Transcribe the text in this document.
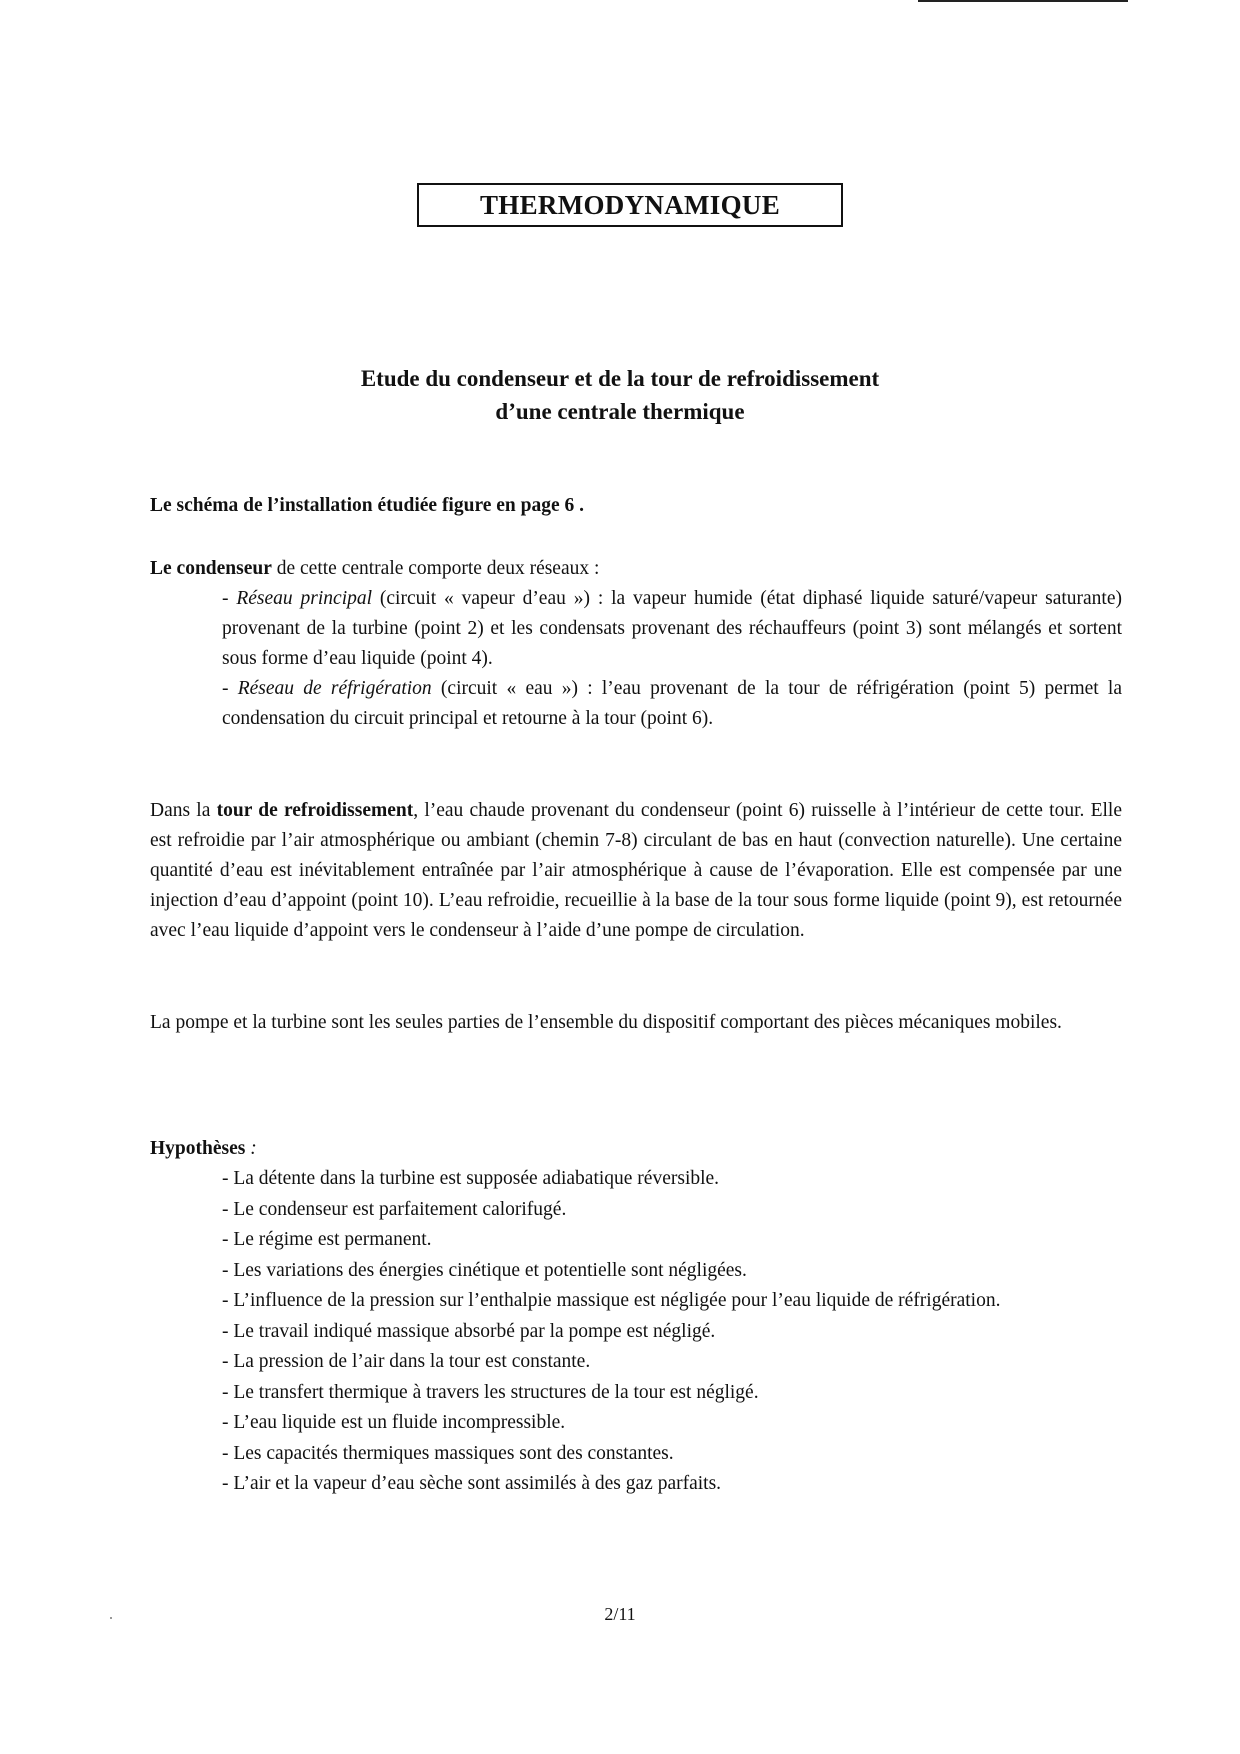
THERMODYNAMIQUE
Etude du condenseur et de la tour de refroidissement
d’une centrale thermique
Le schéma de l’installation étudiée figure en page 6 .
Le condenseur de cette centrale comporte deux réseaux :
- Réseau principal (circuit « vapeur d’eau ») : la vapeur humide (état diphasé liquide saturé/vapeur saturante) provenant de la turbine (point 2) et les condensats provenant des réchauffeurs (point 3) sont mélangés et sortent sous forme d’eau liquide (point 4).
- Réseau de réfrigération (circuit « eau ») : l’eau provenant de la tour de réfrigération (point 5) permet la condensation du circuit principal et retourne à la tour (point 6).
Dans la tour de refroidissement, l’eau chaude provenant du condenseur (point 6) ruisselle à l’intérieur de cette tour. Elle est refroidie par l’air atmosphérique ou ambiant (chemin 7-8) circulant de bas en haut (convection naturelle). Une certaine quantité d’eau est inévitablement entraînée par l’air atmosphérique à cause de l’évaporation. Elle est compensée par une injection d’eau d’appoint (point 10). L’eau refroidie, recueillie à la base de la tour sous forme liquide (point 9), est retournée avec l’eau liquide d’appoint vers le condenseur à l’aide d’une pompe de circulation.
La pompe et la turbine sont les seules parties de l’ensemble du dispositif comportant des pièces mécaniques mobiles.
Hypothèses :
- La détente dans la turbine est supposée adiabatique réversible.
- Le condenseur est parfaitement calorifugé.
- Le régime est permanent.
- Les variations des énergies cinétique et potentielle sont négligées.
- L’influence de la pression sur l’enthalpie massique est négligée pour l’eau liquide de réfrigération.
- Le travail indiqué massique absorbé par la pompe est négligé.
- La pression de l’air dans la tour est constante.
- Le transfert thermique à travers les structures de la tour est négligé.
- L’eau liquide est un fluide incompressible.
- Les capacités thermiques massiques sont des constantes.
- L’air et la vapeur d’eau sèche sont assimilés à des gaz parfaits.
2/11
